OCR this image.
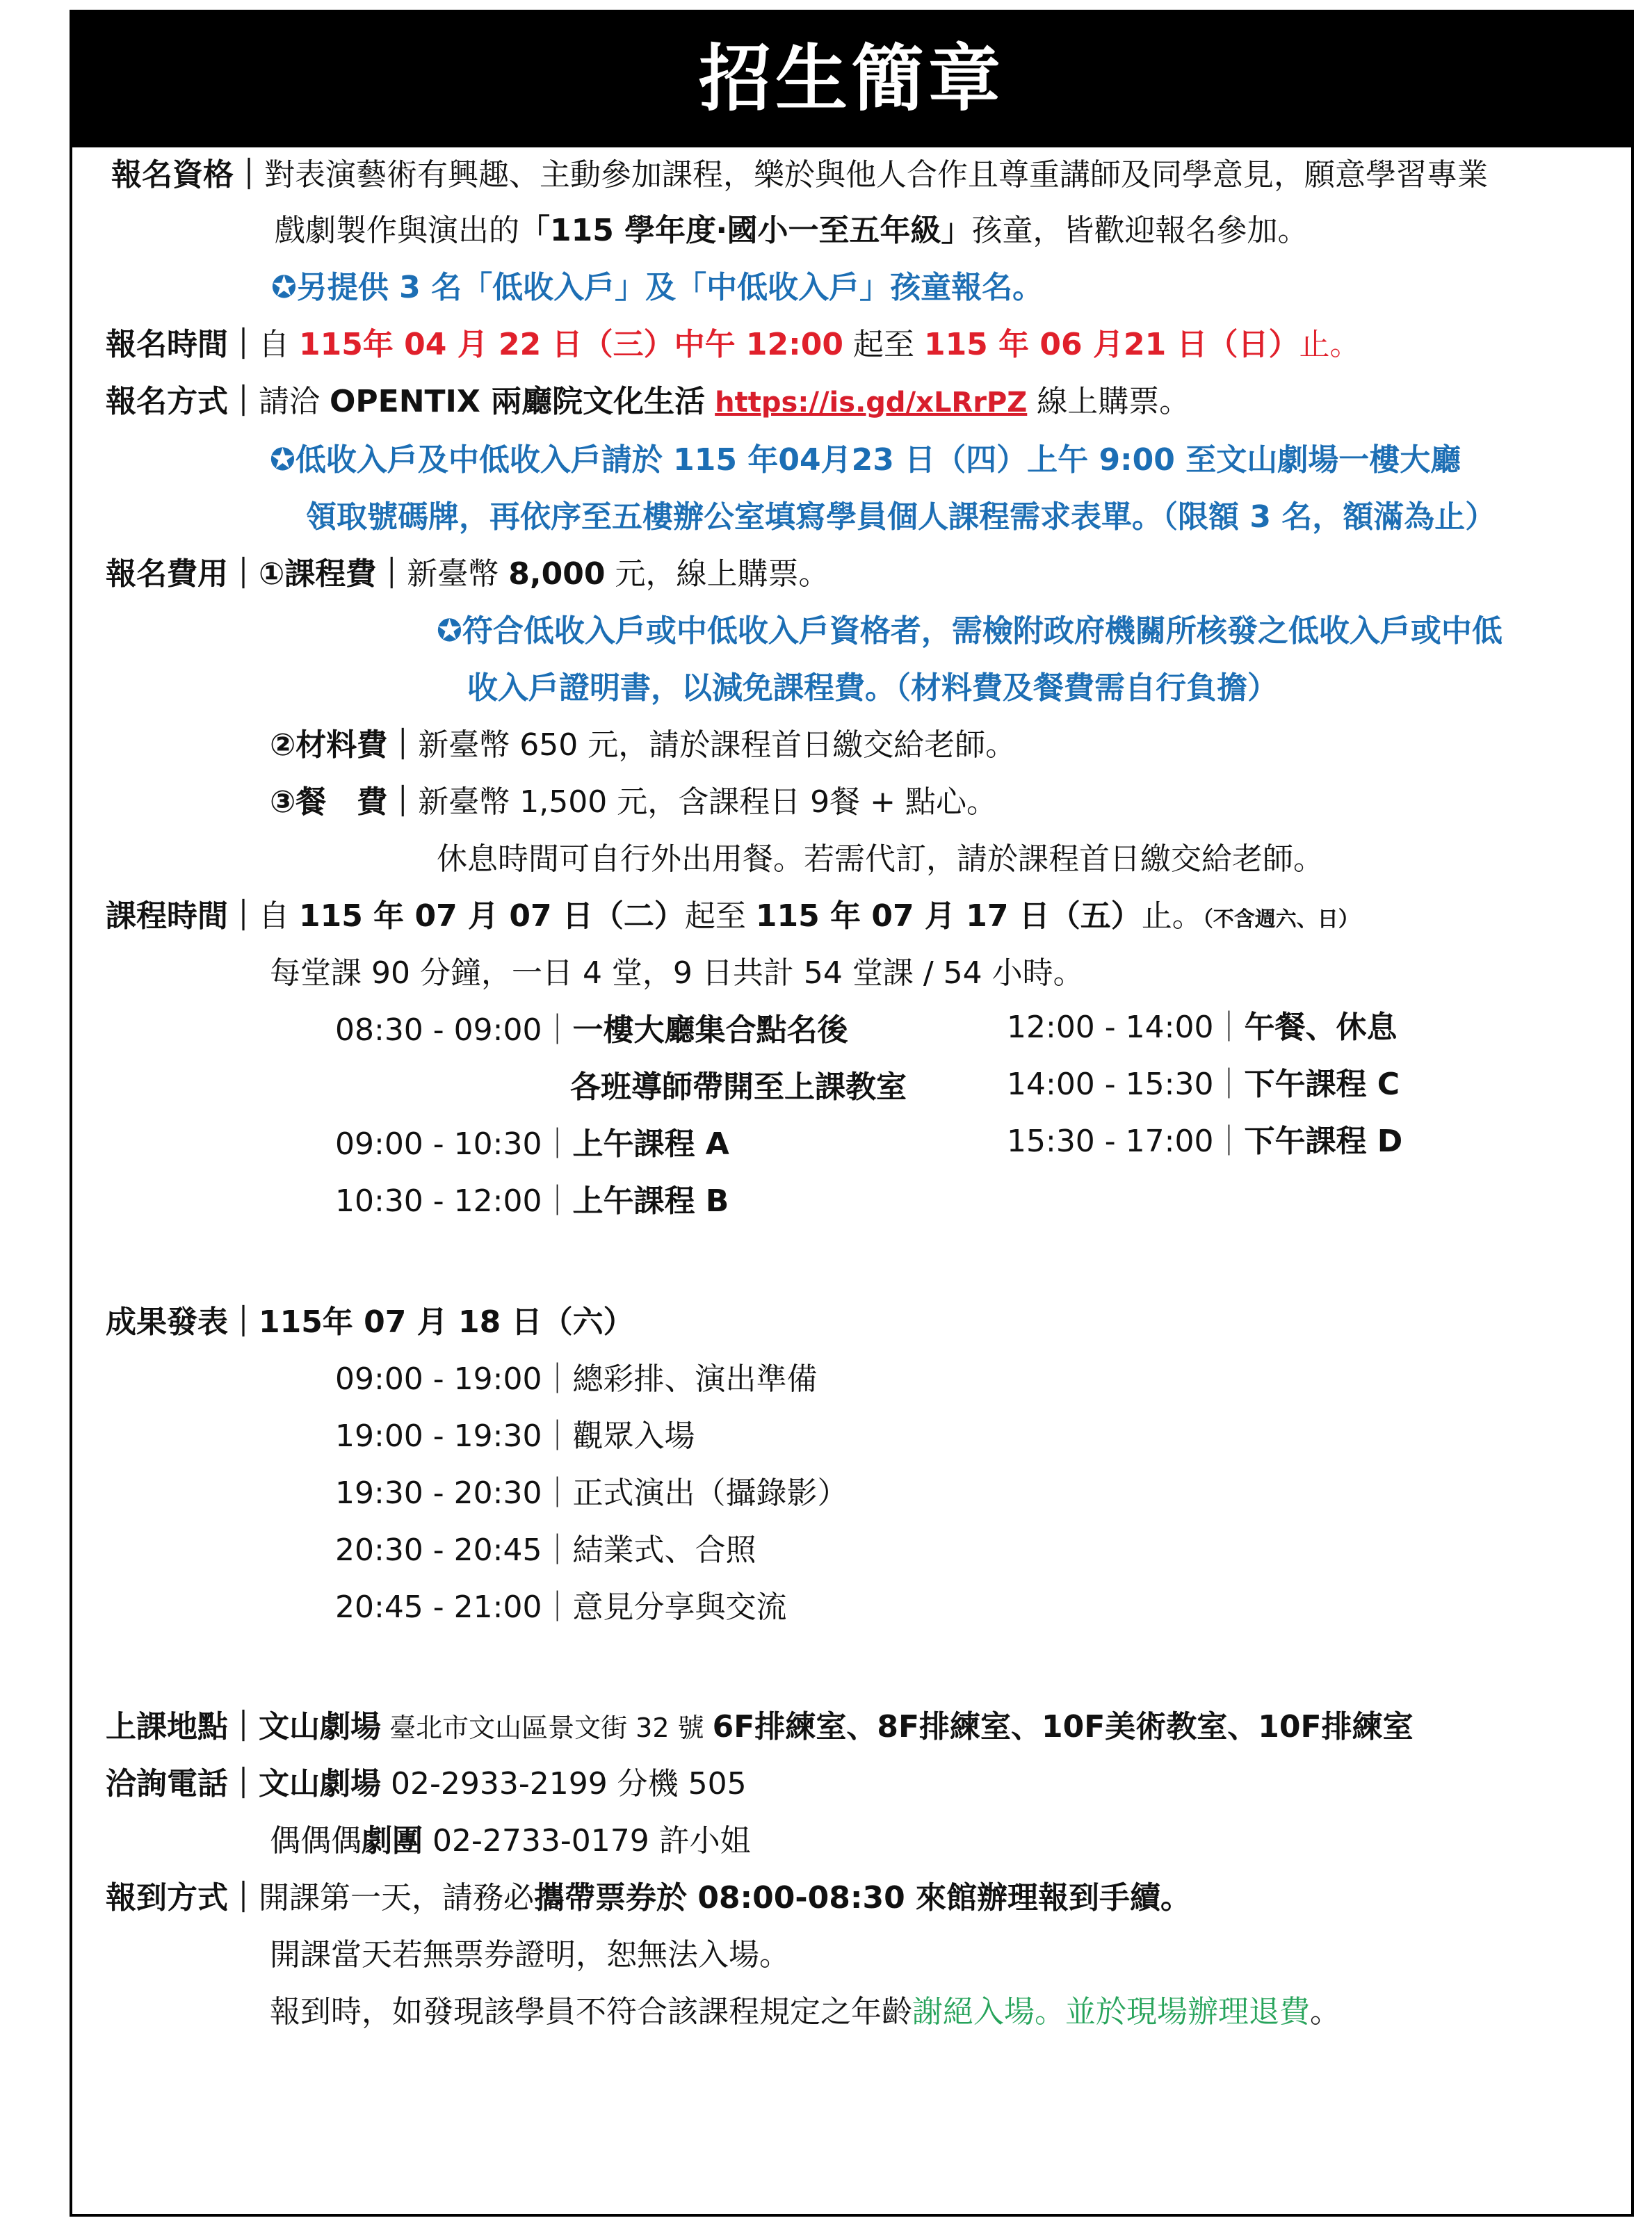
招生簡章
報名資格｜對表演藝術有興趣、主動參加課程，樂於與他人合作且尊重講師及同學意見，願意學習專業
戲劇製作與演出的「115 學年度‧國小一至五年級」孩童，皆歡迎報名參加。
✪另提供 3 名「低收入戶」及「中低收入戶」孩童報名。
報名時間｜自 115年 04 月 22 日（三）中午 12:00 起至 115 年 06 月21 日（日）止。
報名方式｜請洽 OPENTIX 兩廳院文化生活 https://is.gd/xLRrPZ 線上購票。
✪低收入戶及中低收入戶請於 115 年04月23 日（四）上午 9:00 至文山劇場一樓大廳
領取號碼牌，再依序至五樓辦公室填寫學員個人課程需求表單。（限額 3 名，額滿為止）
報名費用｜①課程費｜新臺幣 8,000 元，線上購票。
✪符合低收入戶或中低收入戶資格者，需檢附政府機關所核發之低收入戶或中低
收入戶證明書，以減免課程費。（材料費及餐費需自行負擔）
②材料費｜新臺幣 650 元，請於課程首日繳交給老師。
③餐　費｜新臺幣 1,500 元，含課程日 9餐 + 點心。
休息時間可自行外出用餐。若需代訂，請於課程首日繳交給老師。
課程時間｜自 115 年 07 月 07 日（二）起至 115 年 07 月 17 日（五）止。（不含週六、日）
每堂課 90 分鐘，一日 4 堂，9 日共計 54 堂課 / 54 小時。
08:30 - 09:00｜一樓大廳集合點名後
各班導師帶開至上課教室
09:00 - 10:30｜上午課程 A
10:30 - 12:00｜上午課程 B
12:00 - 14:00｜午餐、休息
14:00 - 15:30｜下午課程 C
15:30 - 17:00｜下午課程 D
成果發表｜115年 07 月 18 日（六）
09:00 - 19:00｜總彩排、演出準備
19:00 - 19:30｜觀眾入場
19:30 - 20:30｜正式演出（攝錄影）
20:30 - 20:45｜結業式、合照
20:45 - 21:00｜意見分享與交流
上課地點｜文山劇場 臺北市文山區景文街 32 號 6F排練室、8F排練室、10F美術教室、10F排練室
洽詢電話｜文山劇場 02-2933-2199 分機 505
偶偶偶劇團 02-2733-0179 許小姐
報到方式｜開課第一天，請務必攜帶票券於 08:00-08:30 來館辦理報到手續。
開課當天若無票券證明，恕無法入場。
報到時，如發現該學員不符合該課程規定之年齡謝絕入場。並於現場辦理退費。
